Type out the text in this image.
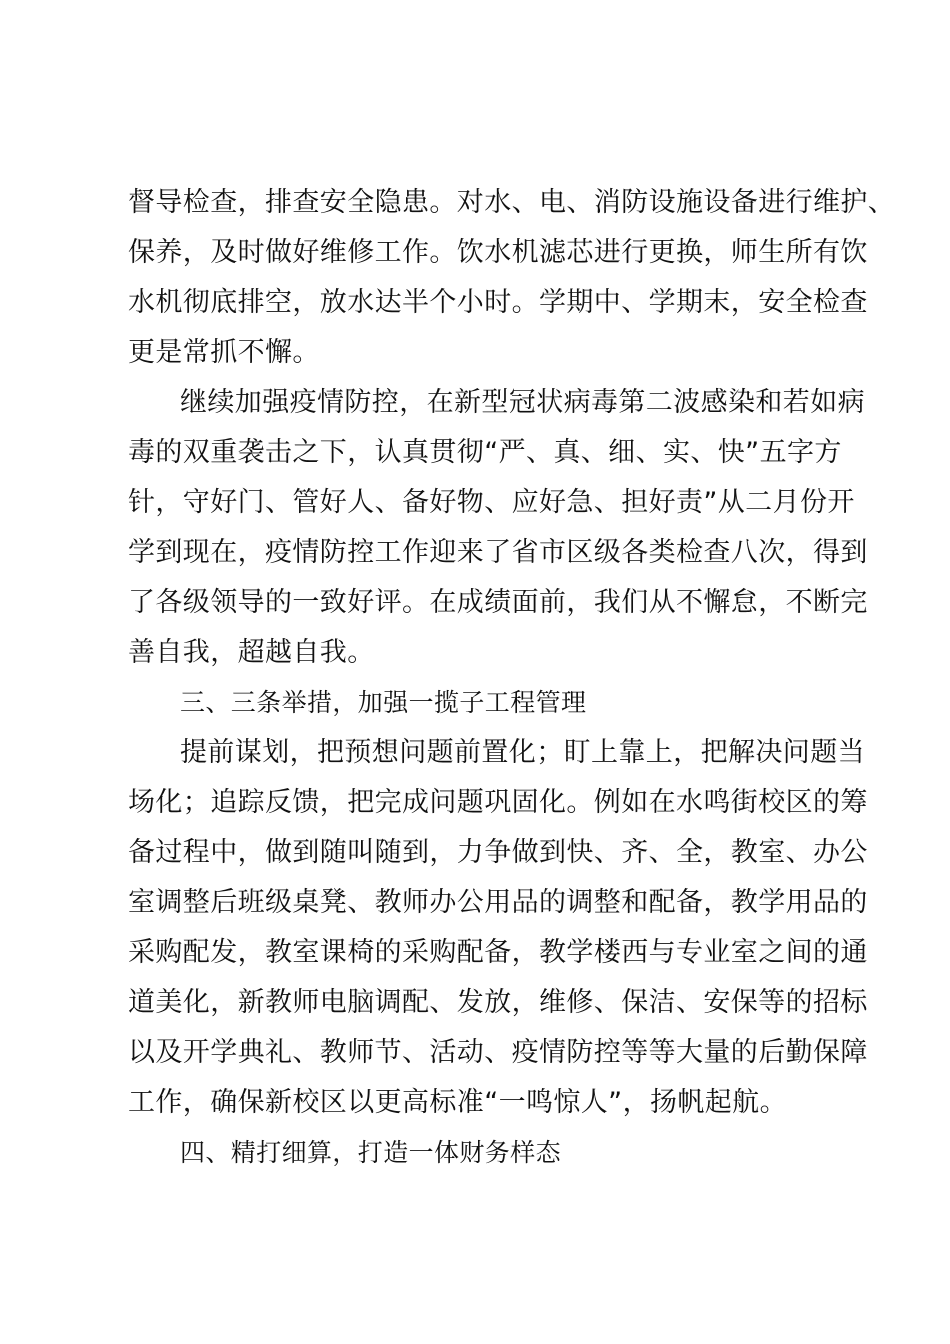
督导检查，排查安全隐患。对水、电、消防设施设备进行维护、
保养，及时做好维修工作。饮水机滤芯进行更换，师生所有饮
水机彻底排空，放水达半个小时。学期中、学期末，安全检查
更是常抓不懈。
继续加强疫情防控，在新型冠状病毒第二波感染和若如病
毒的双重袭击之下，认真贯彻“严、真、细、实、快”五字方
针，守好门、管好人、备好物、应好急、担好责”从二月份开
学到现在，疫情防控工作迎来了省市区级各类检查八次，得到
了各级领导的一致好评。在成绩面前，我们从不懈怠，不断完
善自我，超越自我。
三、三条举措，加强一揽子工程管理
提前谋划，把预想问题前置化；盯上靠上，把解决问题当
场化；追踪反馈，把完成问题巩固化。例如在水鸣街校区的筹
备过程中，做到随叫随到，力争做到快、齐、全，教室、办公
室调整后班级桌凳、教师办公用品的调整和配备，教学用品的
采购配发，教室课椅的采购配备，教学楼西与专业室之间的通
道美化，新教师电脑调配、发放，维修、保洁、安保等的招标
以及开学典礼、教师节、活动、疫情防控等等大量的后勤保障
工作，确保新校区以更高标准“一鸣惊人”，扬帆起航。
四、精打细算，打造一体财务样态
